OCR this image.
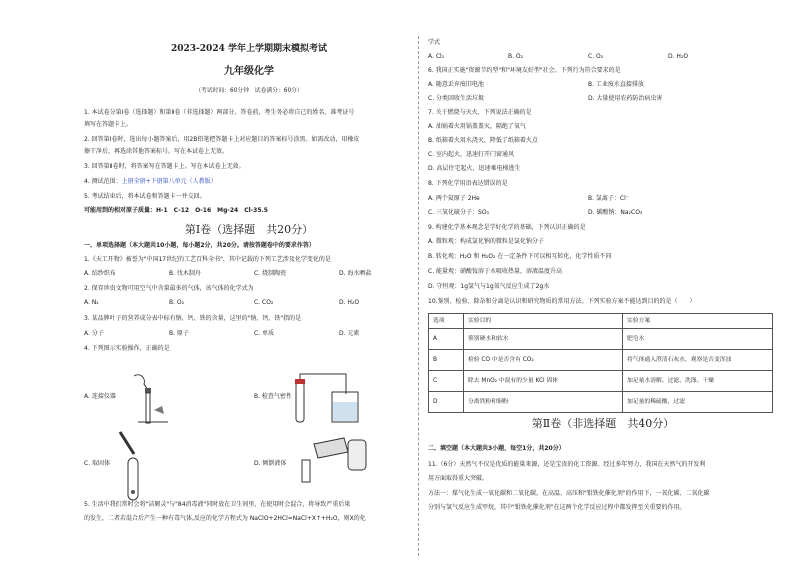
2023-2024 学年上学期期末模拟考试
九年级化学
（考试时间：60分钟　试卷满分：60分）
1. 本试卷分第Ⅰ卷（选择题）和第Ⅱ卷（非选择题）两部分。答卷前，考生务必将自己的姓名、准考证号
填写在答题卡上。
2. 回答第Ⅰ卷时，选出每小题答案后，用2B铅笔把答题卡上对应题目的答案标号涂黑。如需改动，用橡皮
擦干净后，再选涂其他答案标号。写在本试卷上无效。
3. 回答第Ⅱ卷时，将答案写在答题卡上。写在本试卷上无效。
4. 测试范围：上册全册+下册第八单元（人教版）
5. 考试结束后，将本试卷和答题卡一并交回。
可能用到的相对原子质量：H-1　C-12　O-16　Mg-24　Cl-35.5
第Ⅰ卷（选择题　共20分）
一、单项选择题（本大题共10小题，每小题2分，共20分。请按答题卷中的要求作答）
1.《天工开物》被誉为"中国17世纪的工艺百科全书"，其中记载的下列工艺涉及化学变化的是
A. 结纱织布	B. 伐木制舟	C. 烧制陶瓷	D. 海水晒盐
2. 保存珍贵文物可用空气中含量最多的气体，该气体的化学式为
A. N₂	B. O₂	C. CO₂	D. H₂O
3. 某品牌叶子的营养成分表中标有钠、钙、铁的含量，这里的"钠、钙、铁"指的是
A. 分子	B. 原子	C. 单质	D. 元素
4. 下列图示实验操作，正确的是
A. 连接仪器	B. 检查气密性
C. 取固体	D. 倾倒液体
5. 生活中我们常时会将"洁厕灵"与"84消毒液"同时放在卫生间里，在使用时会混合，将导致严重后果
的发生，二者若混合后产生一种有毒气体,反应的化学方程式为 NaClO+2HCl=NaCl+X↑+H₂O，则X的化
学式
A. Cl₂	B. O₂	C. O₂	D. H₂O
6. 我国正实施"资源节约型"和"环境友好型"社会。下列行为符合要求的是
A. 随意丢弃废旧电池	B. 工业废水直接排放
C. 分类回收生活垃圾	D. 大量使用农药防治病虫害
7. 关于燃烧与灭火，下列说法正确的是
A. 油锅着火用锅盖盖灭，隔绝了氧气
B. 纸箱着火用水浇灭，降低了纸箱着火点
C. 室内起火，迅速打开门窗通风
D. 高层住宅起火，迅速乘电梯逃生
8. 下列化学用语表达错误的是
A. 两个氦原子 2He	B. 氯离子：Cl⁻
C. 三氧化硫分子：SO₃	D. 碳酸钠：Na₂CO₃
9. 构建化学基本观念是学好化学的基础，下列认识正确的是
A. 微粒观：构成氯化钠的微粒是氯化钠分子
B. 转化观：H₂O 和 H₂O₂ 在一定条件下可以相互转化，化学性质不同
C. 能量观：硝酸铵溶于水吸收热量，溶液温度升高
D. 守恒观：1g氢气与1g氧气反应生成了2g水
10.鉴别、检验、除杂和分离是认识和研究物质的常用方法。下列实验方案不能达到目的的是（　　）
选项	实验目的	实验方案
A	鉴别硬水和软水	肥皂水
B	检验 CO 中是否含有 CO₂	将气体通入澄清石灰水，观察是否变浑浊
C	除去 MnO₂ 中混有的少量 KCl 固体	加足量水溶解、过滤、洗涤、干燥
D	分离铁粉和铜粉	加足量的稀硫酸，过滤
第Ⅱ卷（非选择题　共40分）
二、填空题（本大题共3小题，每空1分，共20分）
11.（6分）天然气不仅是优质的能量来源，还是宝贵的化工资源。经过多年努力，我国在天然气的开发利
用方面取得重大突破。
方法一：煤气化生成一氧化碳和二氧化碳。在高温、高压和"钼铁化催化剂"的作用下，一氧化碳、二氧化碳
分别与氢气反应生成甲烷，其中"钼铁化催化剂"在这两个化学反应过程中都发挥至关重要的作用。
